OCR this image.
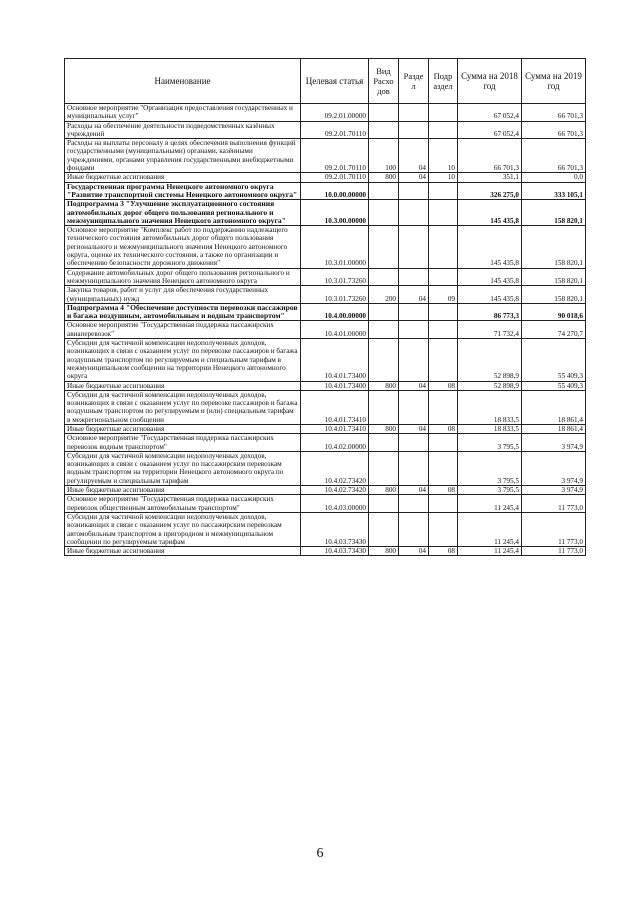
Наименование	Целевая статья	Вид Расхо дов	Разде л	Подр аздел	Сумма на 2018 год	Сумма на 2019 год
Основное мероприятие "Организация предоставления государственных и муниципальных услуг"	09.2.01.00000				67 052,4	66 701,3
Расходы на обеспечение деятельности подведомственных казённых учреждений	09.2.01.70110				67 052,4	66 701,3
Расходы на выплаты персоналу в целях обеспечения выполнения функций государственными (муниципальными) органами, казёнными учреждениями, органами управления государственными внебюджетными фондами	09.2.01.70110	100	04	10	66 701,3	66 701,3
Иные бюджетные ассигнования	09.2.01.70110	800	04	10	351,1	0,0
Государственная программа Ненецкого автономного округа "Развитие транспортной системы Ненецкого автономного округа"	10.0.00.00000				326 275,0	333 105,1
Подпрограмма 3 "Улучшение эксплуатационного состояния автомобильных дорог общего пользования регионального и межмуниципального значения Ненецкого автономного округа"	10.3.00.00000				145 435,8	158 820,1
Основное мероприятие "Комплекс работ по поддержанию надлежащего технического состояния автомобильных дорог общего пользования регионального и межмуниципального значения Ненецкого автономного округа, оценке их технического состояния, а также по организации и обеспечению безопасности дорожного движения"	10.3.01.00000				145 435,8	158 820,1
Содержание автомобильных дорог общего пользования регионального и межмуниципального значения Ненецкого автономного округа	10.3.01.73260				145 435,8	158 820,1
Закупка товаров, работ и услуг для обеспечения государственных (муниципальных) нужд	10.3.01.73260	200	04	09	145 435,8	158 820,1
Подпрограмма 4 "Обеспечение доступности перевозки пассажиров и багажа воздушным, автомобильным и водным транспортом"	10.4.00.00000				86 773,3	90 018,6
Основное мероприятие "Государственная поддержка пассажирских авиаперевозок"	10.4.01.00000				71 732,4	74 270,7
Субсидии для частичной компенсации недополученных доходов, возникающих в связи с оказанием услуг по перевозке пассажиров и багажа воздушным транспортом по регулируемым и специальным тарифам в межмуниципальном сообщении на территории Ненецкого автономного округа	10.4.01.73400				52 898,9	55 409,3
Иные бюджетные ассигнования	10.4.01.73400	800	04	08	52 898,9	55 409,3
Субсидии для частичной компенсации недополученных доходов, возникающих в связи с оказанием услуг по перевозке пассажиров и багажа воздушным транспортом по регулируемым и (или) специальным тарифам в межрегиональном сообщении	10.4.01.73410				18 833,5	18 861,4
Иные бюджетные ассигнования	10.4.01.73410	800	04	08	18 833,5	18 861,4
Основное мероприятие "Государственная поддержка пассажирских перевозок водным транспортом"	10.4.02.00000				3 795,5	3 974,9
Субсидии для частичной компенсации недополученных доходов, возникающих в связи с оказанием услуг по пассажирским перевозкам водным транспортом на территории Ненецкого автономного округа по регулируемым и специальным тарифам	10.4.02.73420				3 795,5	3 974,9
Иные бюджетные ассигнования	10.4.02.73420	800	04	08	3 795,5	3 974,9
Основное мероприятие "Государственная поддержка пассажирских перевозок общественным автомобильным транспортом"	10.4.03.00000				11 245,4	11 773,0
Субсидии для частичной компенсации недополученных доходов, возникающих в связи с оказанием услуг по пассажирским перевозкам автомобильным транспортом в пригородном и межмуниципальном сообщении по регулируемым тарифам	10.4.03.73430				11 245,4	11 773,0
Иные бюджетные ассигнования	10.4.03.73430	800	04	08	11 245,4	11 773,0
6
